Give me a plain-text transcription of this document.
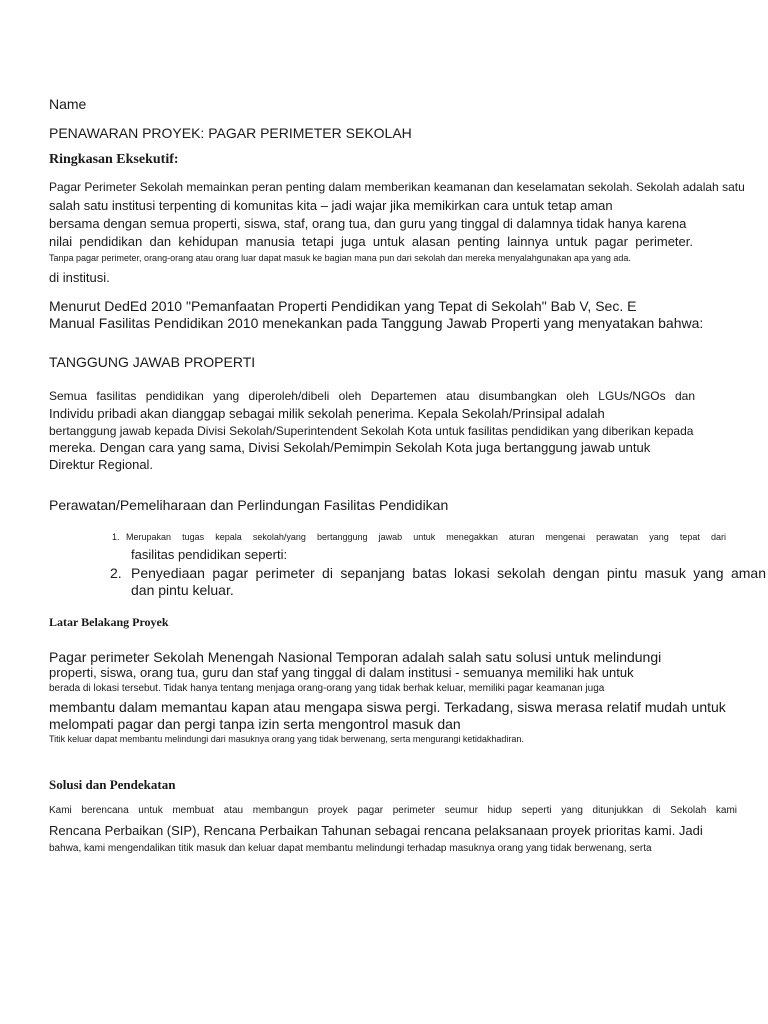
Name

PENAWARAN PROYEK: PAGAR PERIMETER SEKOLAH

Ringkasan Eksekutif:

Pagar Perimeter Sekolah memainkan peran penting dalam memberikan keamanan dan keselamatan sekolah. Sekolah adalah satu

salah satu institusi terpenting di komunitas kita – jadi wajar jika memikirkan cara untuk tetap aman

bersama dengan semua properti, siswa, staf, orang tua, dan guru yang tinggal di dalamnya tidak hanya karena

nilai pendidikan dan kehidupan manusia tetapi juga untuk alasan penting lainnya untuk pagar perimeter.

Tanpa pagar perimeter, orang-orang atau orang luar dapat masuk ke bagian mana pun dari sekolah dan mereka menyalahgunakan apa yang ada.

di institusi.

Menurut DedEd 2010 "Pemanfaatan Properti Pendidikan yang Tepat di Sekolah" Bab V, Sec. E

Manual Fasilitas Pendidikan 2010 menekankan pada Tanggung Jawab Properti yang menyatakan bahwa:

TANGGUNG JAWAB PROPERTI

Semua fasilitas pendidikan yang diperoleh/dibeli oleh Departemen atau disumbangkan oleh LGUs/NGOs dan

Individu pribadi akan dianggap sebagai milik sekolah penerima. Kepala Sekolah/Prinsipal adalah

bertanggung jawab kepada Divisi Sekolah/Superintendent Sekolah Kota untuk fasilitas pendidikan yang diberikan kepada

mereka. Dengan cara yang sama, Divisi Sekolah/Pemimpin Sekolah Kota juga bertanggung jawab untuk

Direktur Regional.

Perawatan/Pemeliharaan dan Perlindungan Fasilitas Pendidikan

1. Merupakan tugas kepala sekolah/yang bertanggung jawab untuk menegakkan aturan mengenai perawatan yang tepat dari

fasilitas pendidikan seperti:

2. Penyediaan pagar perimeter di sepanjang batas lokasi sekolah dengan pintu masuk yang aman

dan pintu keluar.

Latar Belakang Proyek

Pagar perimeter Sekolah Menengah Nasional Temporan adalah salah satu solusi untuk melindungi

properti, siswa, orang tua, guru dan staf yang tinggal di dalam institusi - semuanya memiliki hak untuk

berada di lokasi tersebut. Tidak hanya tentang menjaga orang-orang yang tidak berhak keluar, memiliki pagar keamanan juga

membantu dalam memantau kapan atau mengapa siswa pergi. Terkadang, siswa merasa relatif mudah untuk

melompati pagar dan pergi tanpa izin serta mengontrol masuk dan

Titik keluar dapat membantu melindungi dari masuknya orang yang tidak berwenang, serta mengurangi ketidakhadiran.

Solusi dan Pendekatan

Kami berencana untuk membuat atau membangun proyek pagar perimeter seumur hidup seperti yang ditunjukkan di Sekolah kami

Rencana Perbaikan (SIP), Rencana Perbaikan Tahunan sebagai rencana pelaksanaan proyek prioritas kami. Jadi

bahwa, kami mengendalikan titik masuk dan keluar dapat membantu melindungi terhadap masuknya orang yang tidak berwenang, serta
